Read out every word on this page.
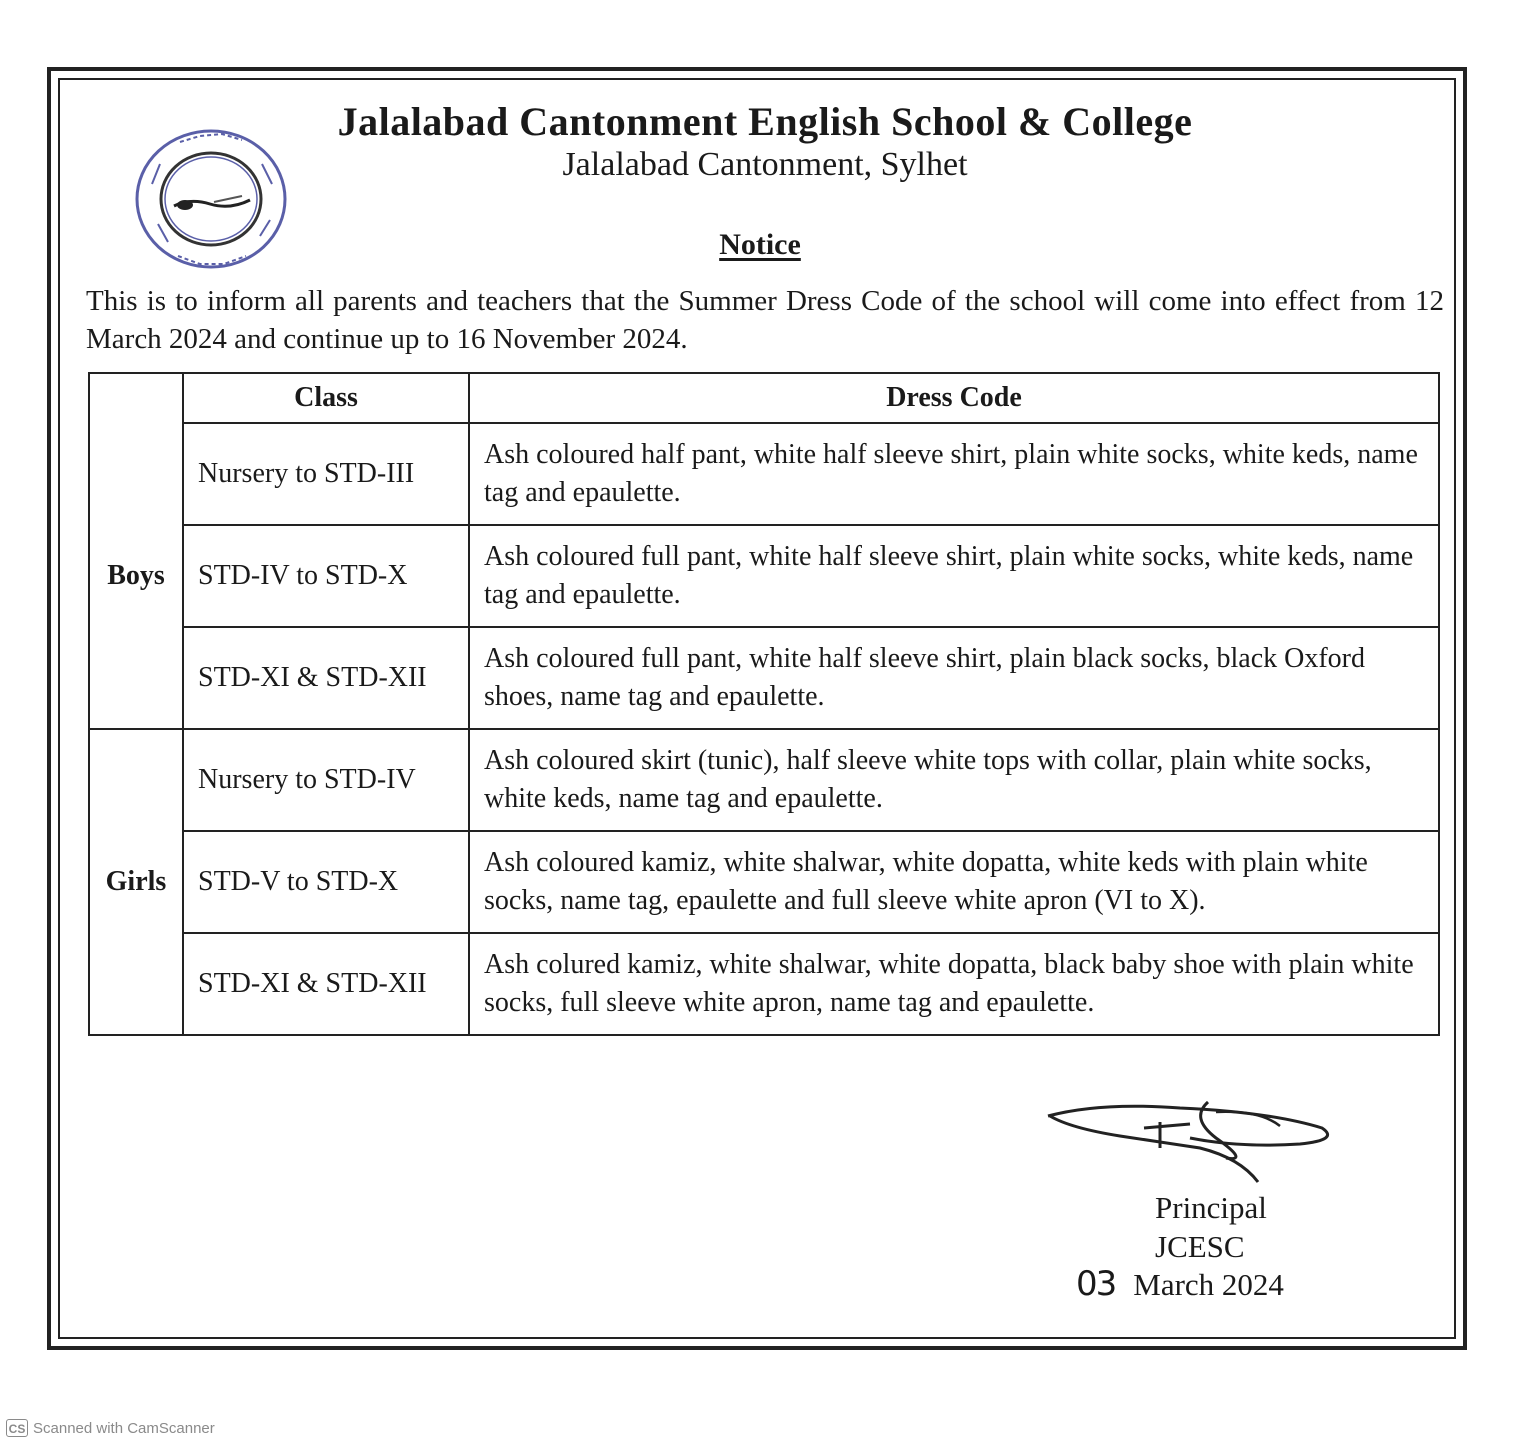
Jalalabad Cantonment English School & College
Jalalabad Cantonment, Sylhet
Notice
This is to inform all parents and teachers that the Summer Dress Code of the school will come into effect from 12 March 2024 and continue up to 16 November 2024.
	Class	Dress Code
Boys	Nursery to STD-III	Ash coloured half pant, white half sleeve shirt, plain white socks, white keds, name tag and epaulette.
	STD-IV to STD-X	Ash coloured full pant, white half sleeve shirt, plain white socks, white keds, name tag and epaulette.
	STD-XI & STD-XII	Ash coloured full pant, white half sleeve shirt, plain black socks, black Oxford shoes, name tag and epaulette.
Girls	Nursery to STD-IV	Ash coloured skirt (tunic), half sleeve white tops with collar, plain white socks, white keds, name tag and epaulette.
	STD-V to STD-X	Ash coloured kamiz, white shalwar, white dopatta, white keds with plain white socks, name tag, epaulette and full sleeve white apron (VI to X).
	STD-XI & STD-XII	Ash colured kamiz, white shalwar, white dopatta, black baby shoe with plain white socks, full sleeve white apron, name tag and epaulette.
Principal
JCESC
03 March 2024
CS Scanned with CamScanner
